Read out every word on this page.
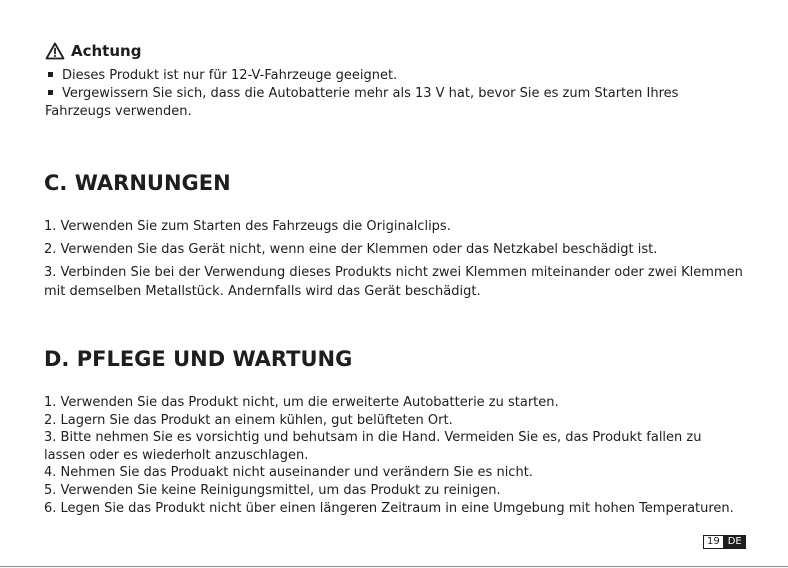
Achtung
Dieses Produkt ist nur für 12-V-Fahrzeuge geeignet.
Vergewissern Sie sich, dass die Autobatterie mehr als 13 V hat, bevor Sie es zum Starten Ihres Fahrzeugs verwenden.
C. WARNUNGEN
1. Verwenden Sie zum Starten des Fahrzeugs die Originalclips.
2. Verwenden Sie das Gerät nicht, wenn eine der Klemmen oder das Netzkabel beschädigt ist.
3. Verbinden Sie bei der Verwendung dieses Produkts nicht zwei Klemmen miteinander oder zwei Klemmen mit demselben Metallstück. Andernfalls wird das Gerät beschädigt.
D. PFLEGE UND WARTUNG
1. Verwenden Sie das Produkt nicht, um die erweiterte Autobatterie zu starten.
2. Lagern Sie das Produkt an einem kühlen, gut belüfteten Ort.
3. Bitte nehmen Sie es vorsichtig und behutsam in die Hand. Vermeiden Sie es, das Produkt fallen zu lassen oder es wiederholt anzuschlagen.
4. Nehmen Sie das Produakt nicht auseinander und verändern Sie es nicht.
5. Verwenden Sie keine Reinigungsmittel, um das Produkt zu reinigen.
6. Legen Sie das Produkt nicht über einen längeren Zeitraum in eine Umgebung mit hohen Temperaturen.
19 DE
